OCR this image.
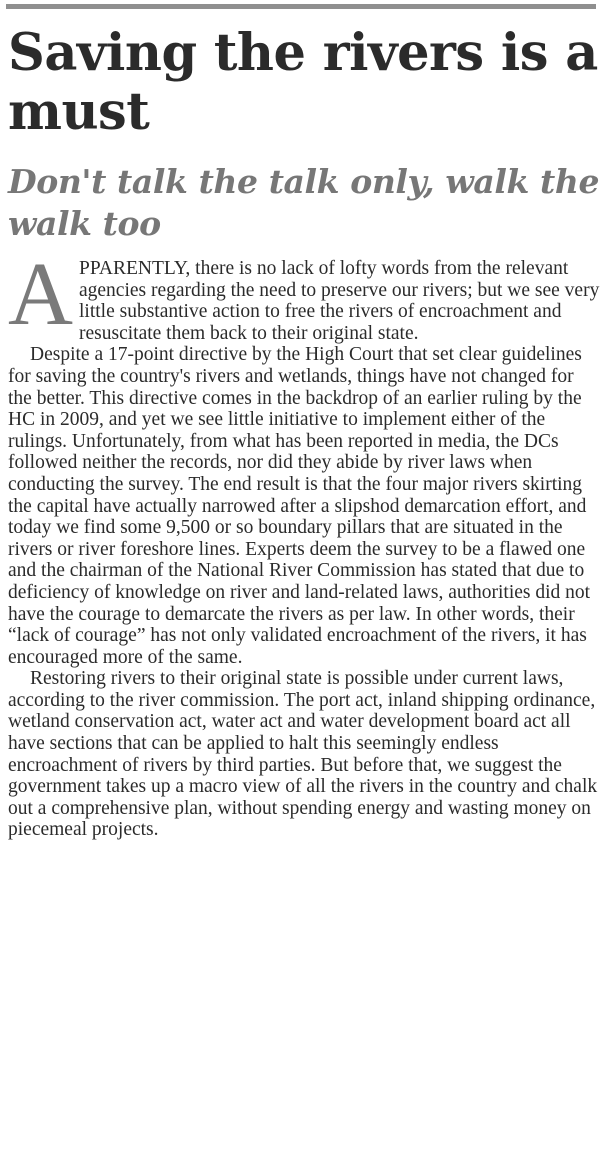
Saving the rivers is a must
Don't talk the talk only, walk the walk too

APPARENTLY, there is no lack of lofty words from the relevant agencies regarding the need to preserve our rivers; but we see very little substantive action to free the rivers of encroachment and resuscitate them back to their original state.

Despite a 17-point directive by the High Court that set clear guidelines for saving the country's rivers and wetlands, things have not changed for the better. This directive comes in the backdrop of an earlier ruling by the HC in 2009, and yet we see little initiative to implement either of the rulings. Unfortunately, from what has been reported in media, the DCs followed neither the records, nor did they abide by river laws when conducting the survey. The end result is that the four major rivers skirting the capital have actually narrowed after a slipshod demarcation effort, and today we find some 9,500 or so boundary pillars that are situated in the rivers or river foreshore lines. Experts deem the survey to be a flawed one and the chairman of the National River Commission has stated that due to deficiency of knowledge on river and land-related laws, authorities did not have the courage to demarcate the rivers as per law. In other words, their “lack of courage” has not only validated encroachment of the rivers, it has encouraged more of the same.

Restoring rivers to their original state is possible under current laws, according to the river commission. The port act, inland shipping ordinance, wetland conservation act, water act and water development board act all have sections that can be applied to halt this seemingly endless encroachment of rivers by third parties. But before that, we suggest the government takes up a macro view of all the rivers in the country and chalk out a comprehensive plan, without spending energy and wasting money on piecemeal projects.
